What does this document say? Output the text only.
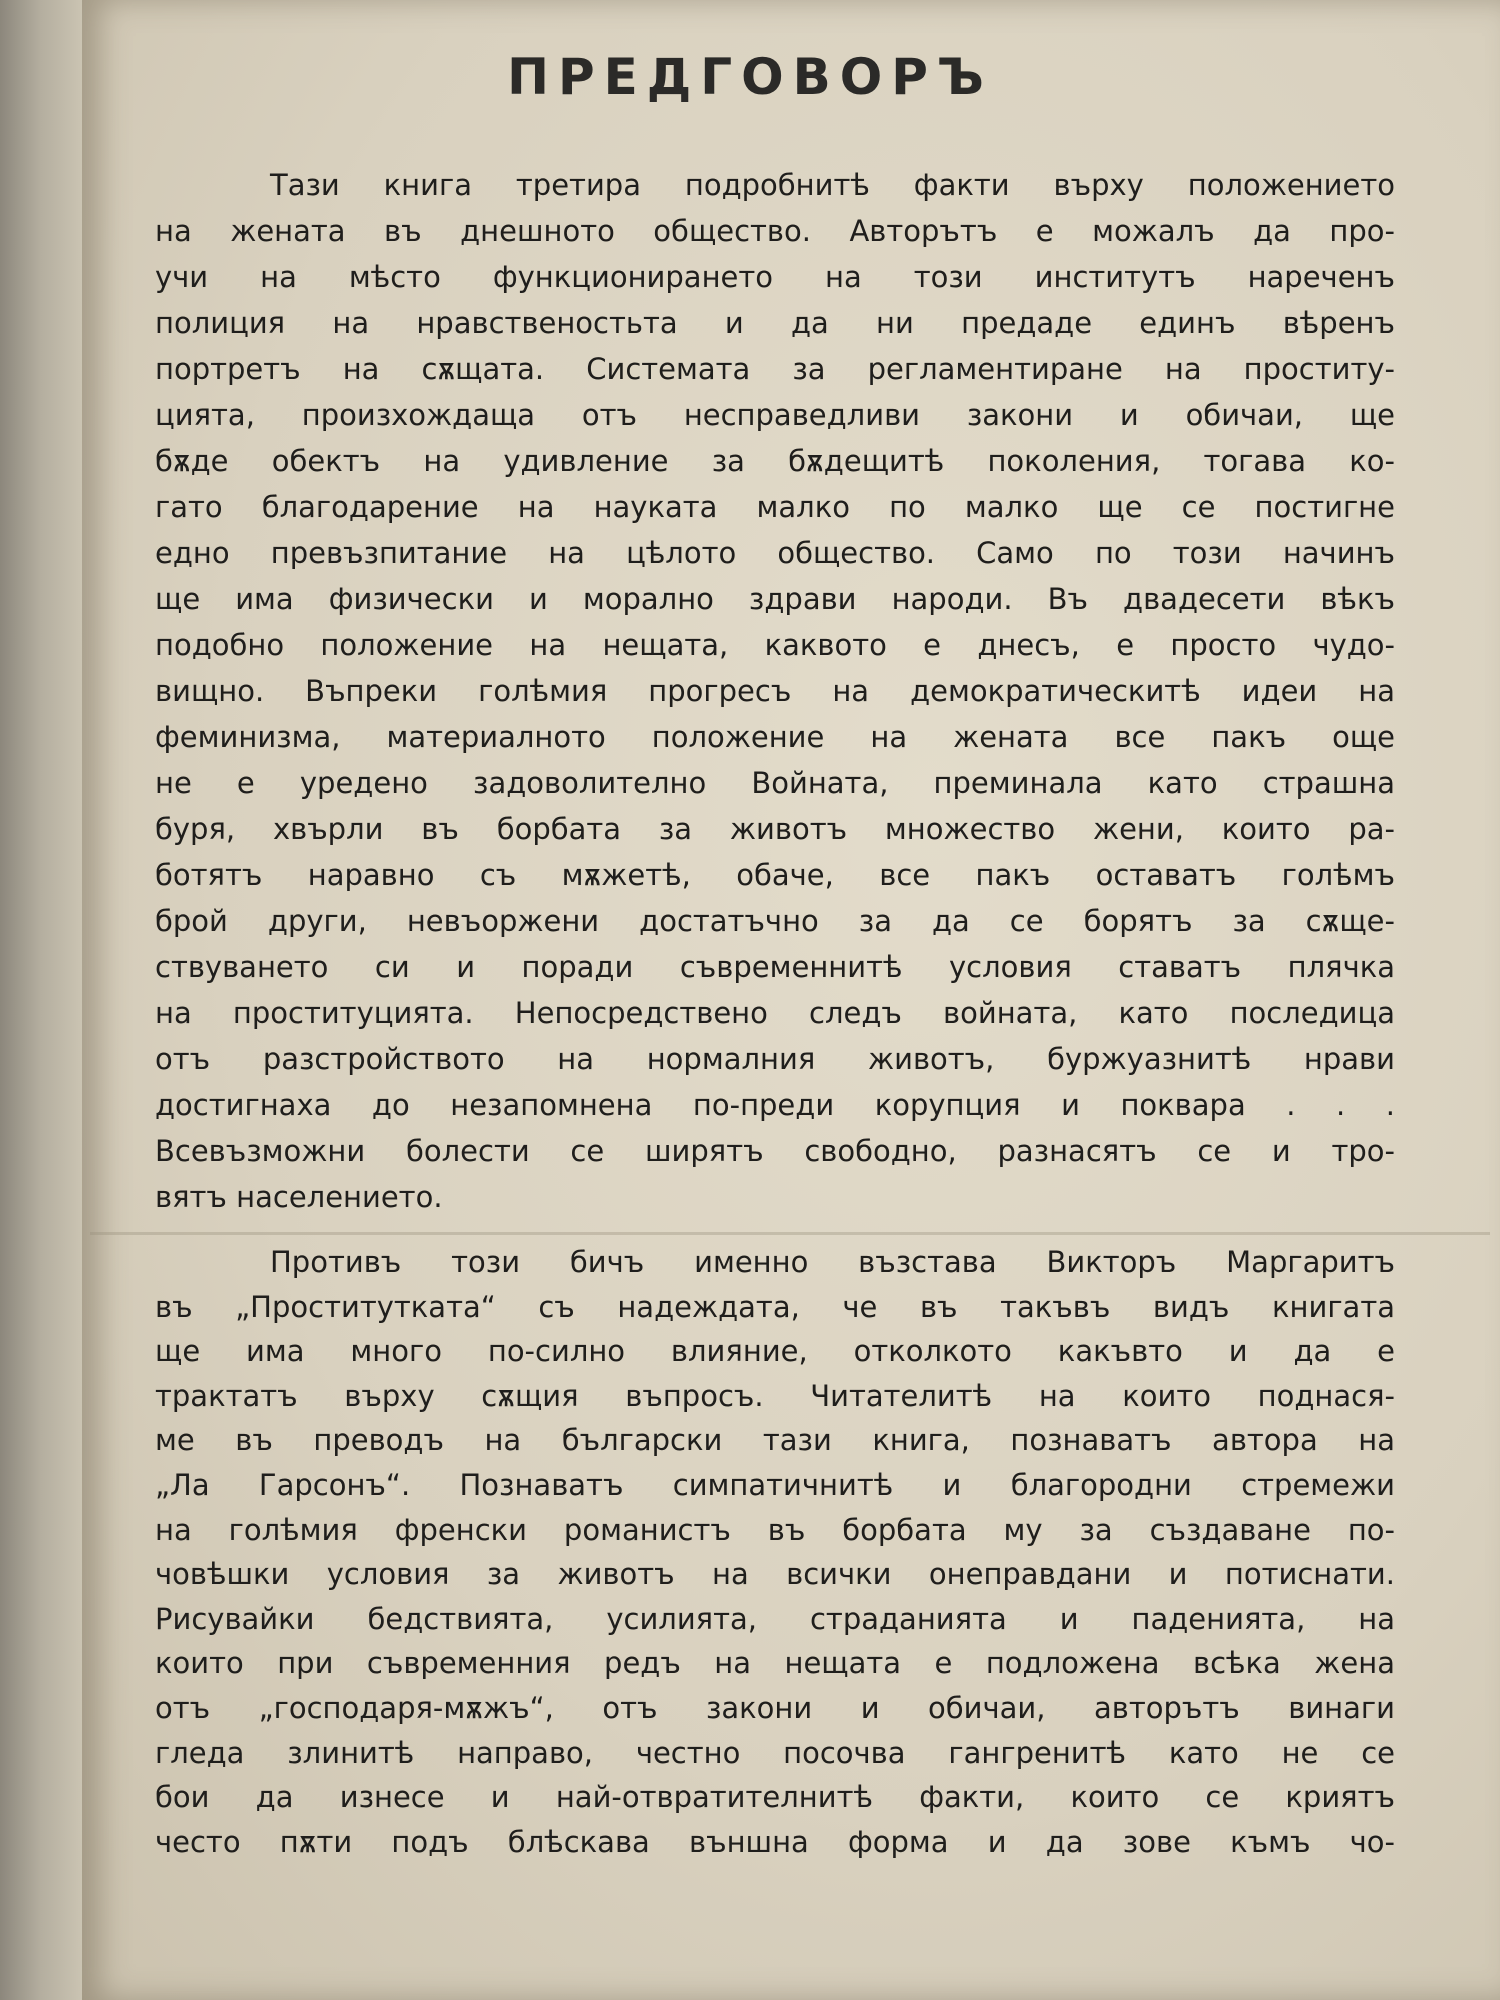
ПРЕДГОВОРЪ
Тази книга третира подробнитѣ факти върху положението
на жената въ днешното общество. Авторътъ е можалъ да про-
учи на мѣсто функционирането на този институтъ нареченъ
полиция на нравственостьта и да ни предаде единъ вѣренъ
портретъ на сѫщата. Системата за регламентиране на проститу-
цията, произхождаща отъ несправедливи закони и обичаи, ще
бѫде обектъ на удивление за бѫдещитѣ поколения, тогава ко-
гато благодарение на науката малко по малко ще се постигне
едно превъзпитание на цѣлото общество. Само по този начинъ
ще има физически и морално здрави народи. Въ двадесети вѣкъ
подобно положение на нещата, каквото е днесъ, е просто чудо-
вищно. Въпреки голѣмия прогресъ на демократическитѣ идеи на
феминизма, материалното положение на жената все пакъ още
не е уредено задоволително Войната, преминала като страшна
буря, хвърли въ борбата за животъ множество жени, които ра-
ботятъ наравно съ мѫжетѣ, обаче, все пакъ оставатъ голѣмъ
брой други, невъоржени достатъчно за да се борятъ за сѫще-
ствуването си и поради съвременнитѣ условия ставатъ плячка
на проституцията. Непосредствено следъ войната, като последица
отъ разстройството на нормалния животъ, буржуазнитѣ нрави
достигнаха до незапомнена по-преди корупция и поквара . . .
Всевъзможни болести се ширятъ свободно, разнасятъ се и тро-
вятъ населението.
Противъ този бичъ именно възстава Викторъ Маргаритъ
въ „Проститутката“ съ надеждата, че въ такъвъ видъ книгата
ще има много по-силно влияние, отколкото какъвто и да е
трактатъ върху сѫщия въпросъ. Читателитѣ на които поднася-
ме въ преводъ на български тази книга, познаватъ автора на
„Ла Гарсонъ“. Познаватъ симпатичнитѣ и благородни стремежи
на голѣмия френски романистъ въ борбата му за създаване по-
човѣшки условия за животъ на всички онеправдани и потиснати.
Рисувайки бедствията, усилията, страданията и паденията, на
които при съвременния редъ на нещата е подложена всѣка жена
отъ „господаря-мѫжъ“, отъ закони и обичаи, авторътъ винаги
гледа злинитѣ направо, честно посочва гангренитѣ като не се
бои да изнесе и най-отвратителнитѣ факти, които се криятъ
често пѫти подъ блѣскава външна форма и да зове къмъ чо-
